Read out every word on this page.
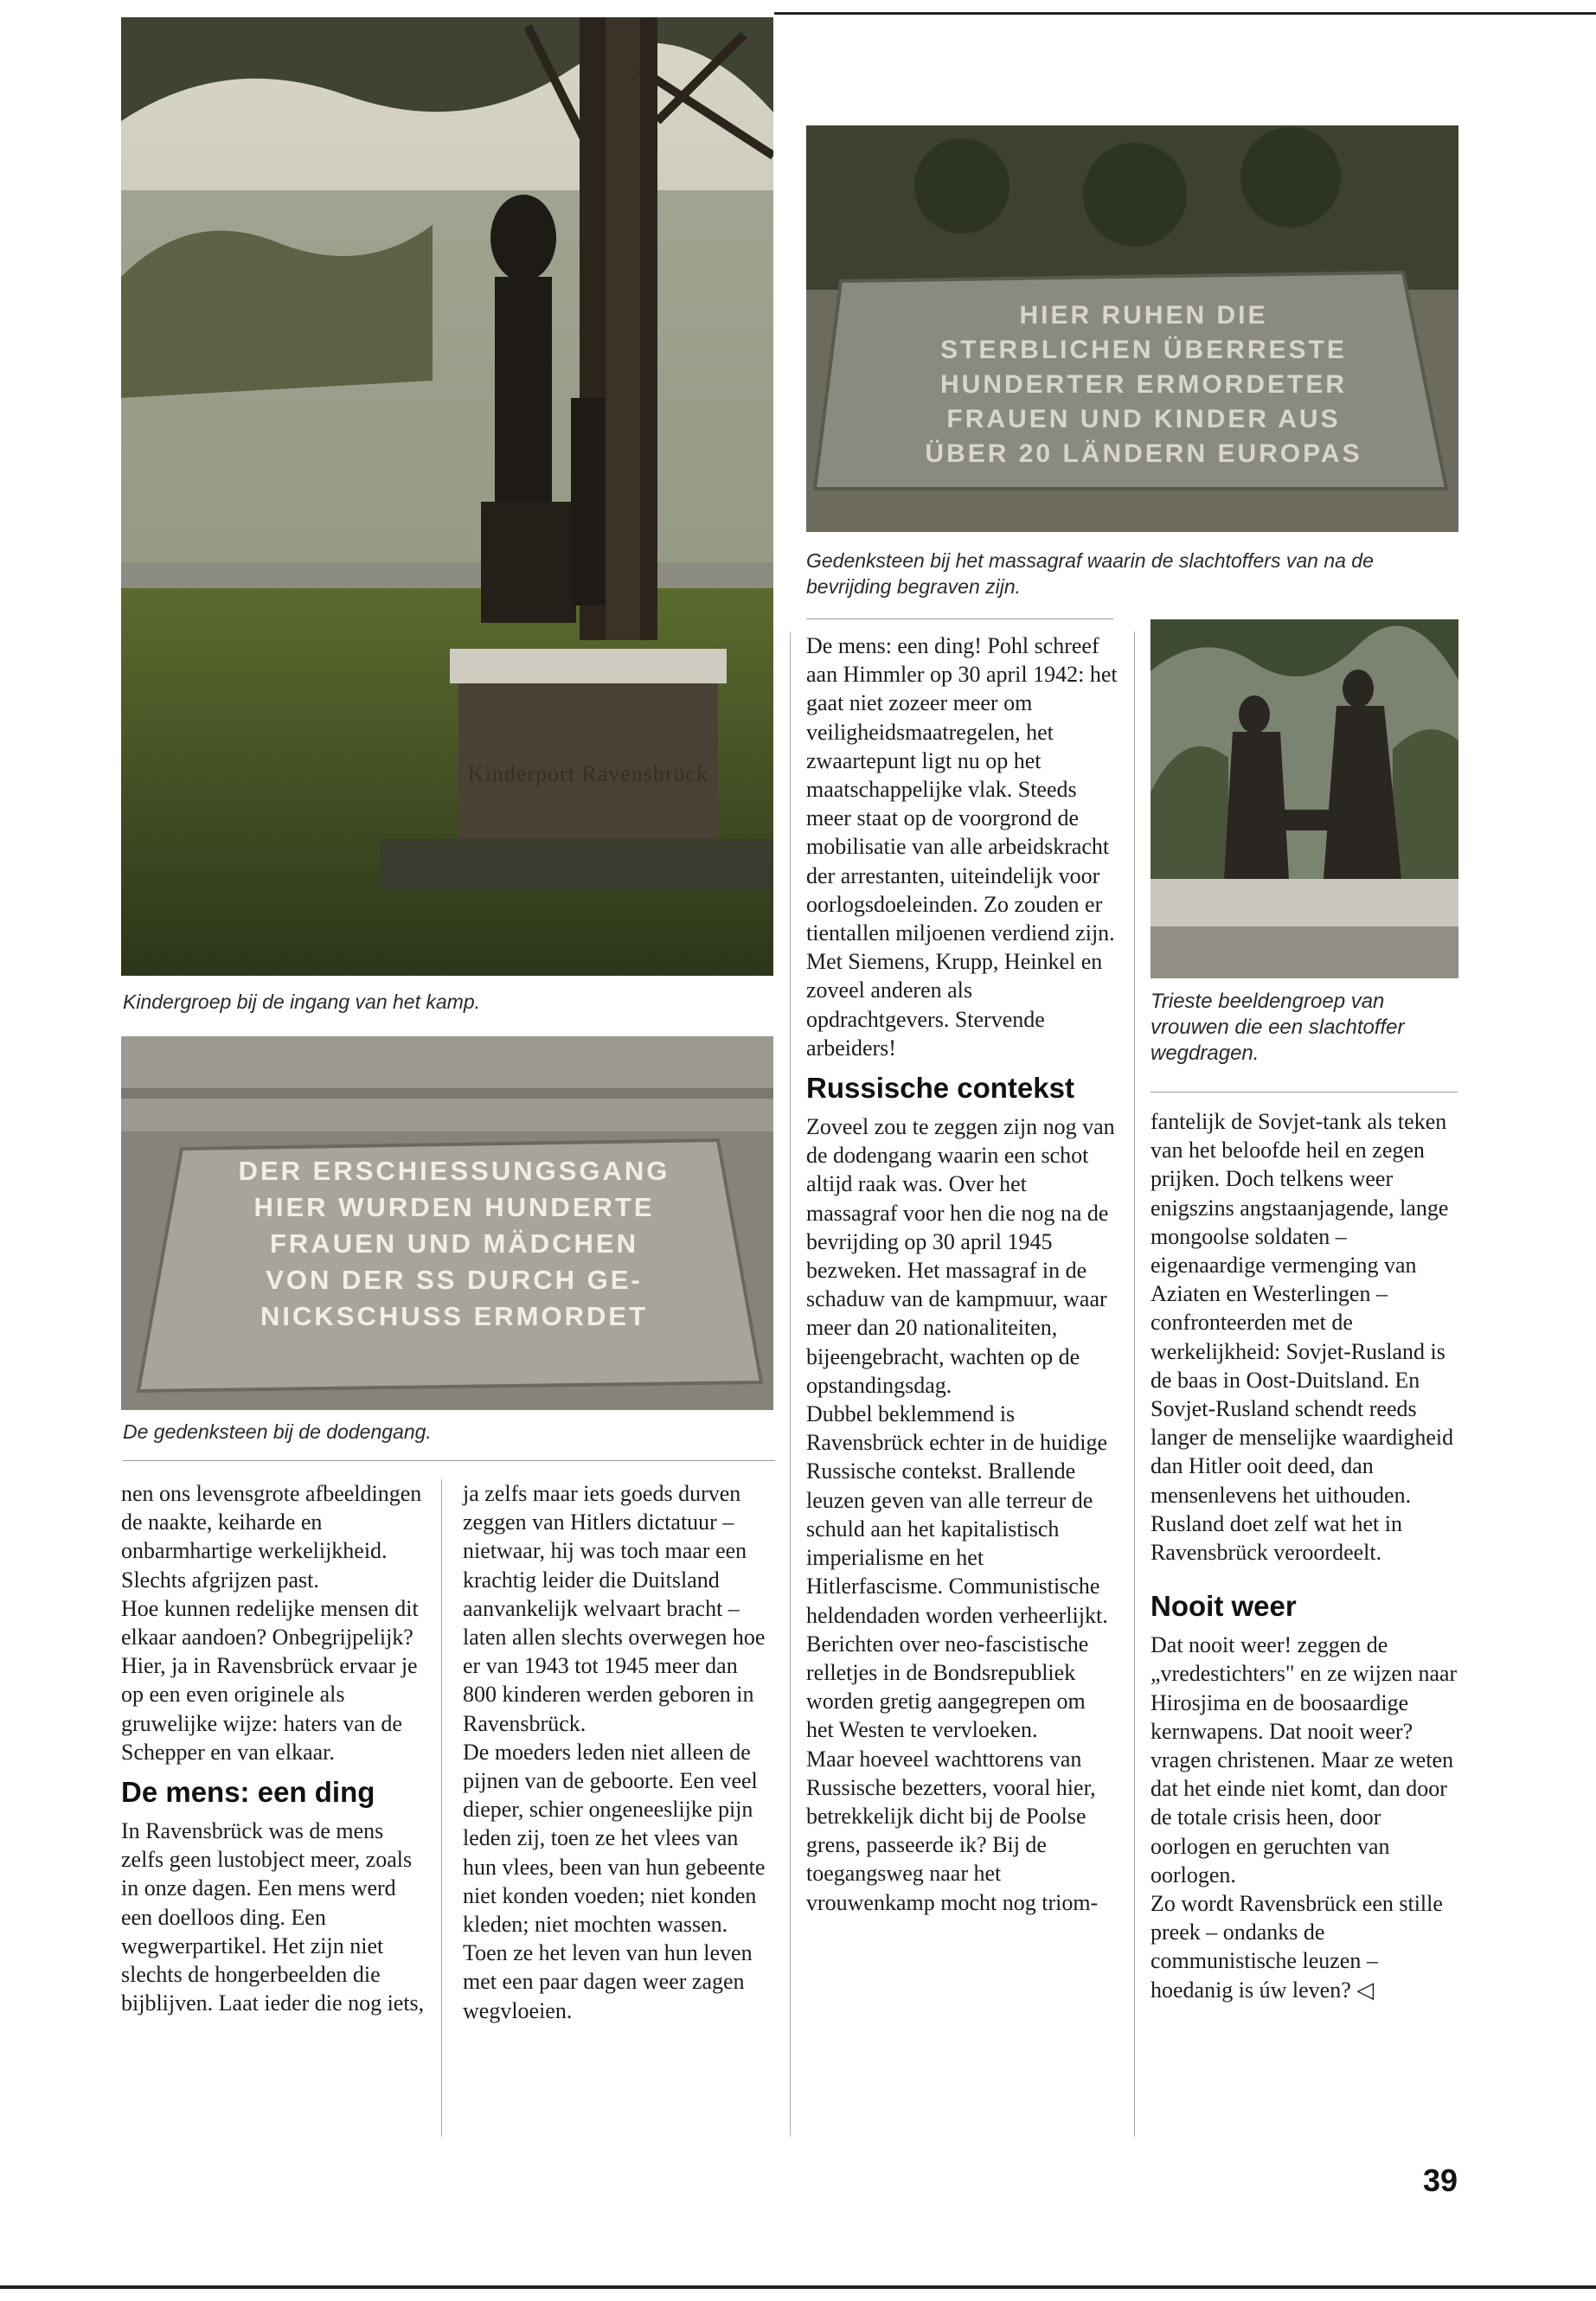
Kinderport Ravensbrück
Kindergroep bij de ingang van het kamp.
HIER RUHEN DIE
STERBLICHEN ÜBERRESTE
HUNDERTER ERMORDETER
FRAUEN UND KINDER AUS
ÜBER 20 LÄNDERN EUROPAS
Gedenksteen bij het massagraf waarin de slachtoffers van na de bevrijding begraven zijn.
Trieste beeldengroep van vrouwen die een slachtoffer wegdragen.
DER ERSCHIESSUNGSGANG
HIER WURDEN HUNDERTE
FRAUEN UND MÄDCHEN
VON DER SS DURCH GE-
NICKSCHUSS ERMORDET
De gedenksteen bij de dodengang.

nen ons levensgrote afbeeldingen de naakte, keiharde en onbarmhartige werkelijkheid. Slechts afgrijzen past.

Hoe kunnen redelijke mensen dit elkaar aandoen? Onbegrijpelijk? Hier, ja in Ravensbrück ervaar je op een even originele als gruwelijke wijze: haters van de Schepper en van elkaar.

De mens: een ding

In Ravensbrück was de mens zelfs geen lustobject meer, zoals in onze dagen. Een mens werd een doelloos ding. Een wegwerpartikel. Het zijn niet slechts de hongerbeelden die bijblijven. Laat ieder die nog iets,

ja zelfs maar iets goeds durven zeggen van Hitlers dictatuur – nietwaar, hij was toch maar een krachtig leider die Duitsland aanvankelijk welvaart bracht – laten allen slechts overwegen hoe er van 1943 tot 1945 meer dan 800 kinderen werden geboren in Ravensbrück.

De moeders leden niet alleen de pijnen van de geboorte. Een veel dieper, schier ongeneeslijke pijn leden zij, toen ze het vlees van hun vlees, been van hun gebeente niet konden voeden; niet konden kleden; niet mochten wassen. Toen ze het leven van hun leven met een paar dagen weer zagen wegvloeien.

De mens: een ding! Pohl schreef aan Himmler op 30 april 1942: het gaat niet zozeer meer om veiligheidsmaatregelen, het zwaartepunt ligt nu op het maatschappelijke vlak. Steeds meer staat op de voorgrond de mobilisatie van alle arbeidskracht der arrestanten, uiteindelijk voor oorlogsdoeleinden. Zo zouden er tientallen miljoenen verdiend zijn. Met Siemens, Krupp, Heinkel en zoveel anderen als opdrachtgevers. Stervende arbeiders!

Russische contekst

Zoveel zou te zeggen zijn nog van de dodengang waarin een schot altijd raak was. Over het massagraf voor hen die nog na de bevrijding op 30 april 1945 bezweken. Het massagraf in de schaduw van de kampmuur, waar meer dan 20 nationaliteiten, bijeengebracht, wachten op de opstandingsdag.

Dubbel beklemmend is Ravensbrück echter in de huidige Russische contekst. Brallende leuzen geven van alle terreur de schuld aan het kapitalistisch imperialisme en het Hitlerfascisme. Communistische heldendaden worden verheerlijkt. Berichten over neo-fascistische relletjes in de Bondsrepubliek worden gretig aangegrepen om het Westen te vervloeken.

Maar hoeveel wachttorens van Russische bezetters, vooral hier, betrekkelijk dicht bij de Poolse grens, passeerde ik? Bij de toegangsweg naar het vrouwenkamp mocht nog triom-

fantelijk de Sovjet-tank als teken van het beloofde heil en zegen prijken. Doch telkens weer enigszins angstaanjagende, lange mongoolse soldaten – eigenaardige vermenging van Aziaten en Westerlingen – confronteerden met de werkelijkheid: Sovjet-Rusland is de baas in Oost-Duitsland. En Sovjet-Rusland schendt reeds langer de menselijke waardigheid dan Hitler ooit deed, dan mensenlevens het uithouden. Rusland doet zelf wat het in Ravensbrück veroordeelt.

Nooit weer

Dat nooit weer! zeggen de „vredestichters" en ze wijzen naar Hirosjima en de boosaardige kernwapens. Dat nooit weer? vragen christenen. Maar ze weten dat het einde niet komt, dan door de totale crisis heen, door oorlogen en geruchten van oorlogen.

Zo wordt Ravensbrück een stille preek – ondanks de communistische leuzen – hoedanig is úw leven? ◁

39
